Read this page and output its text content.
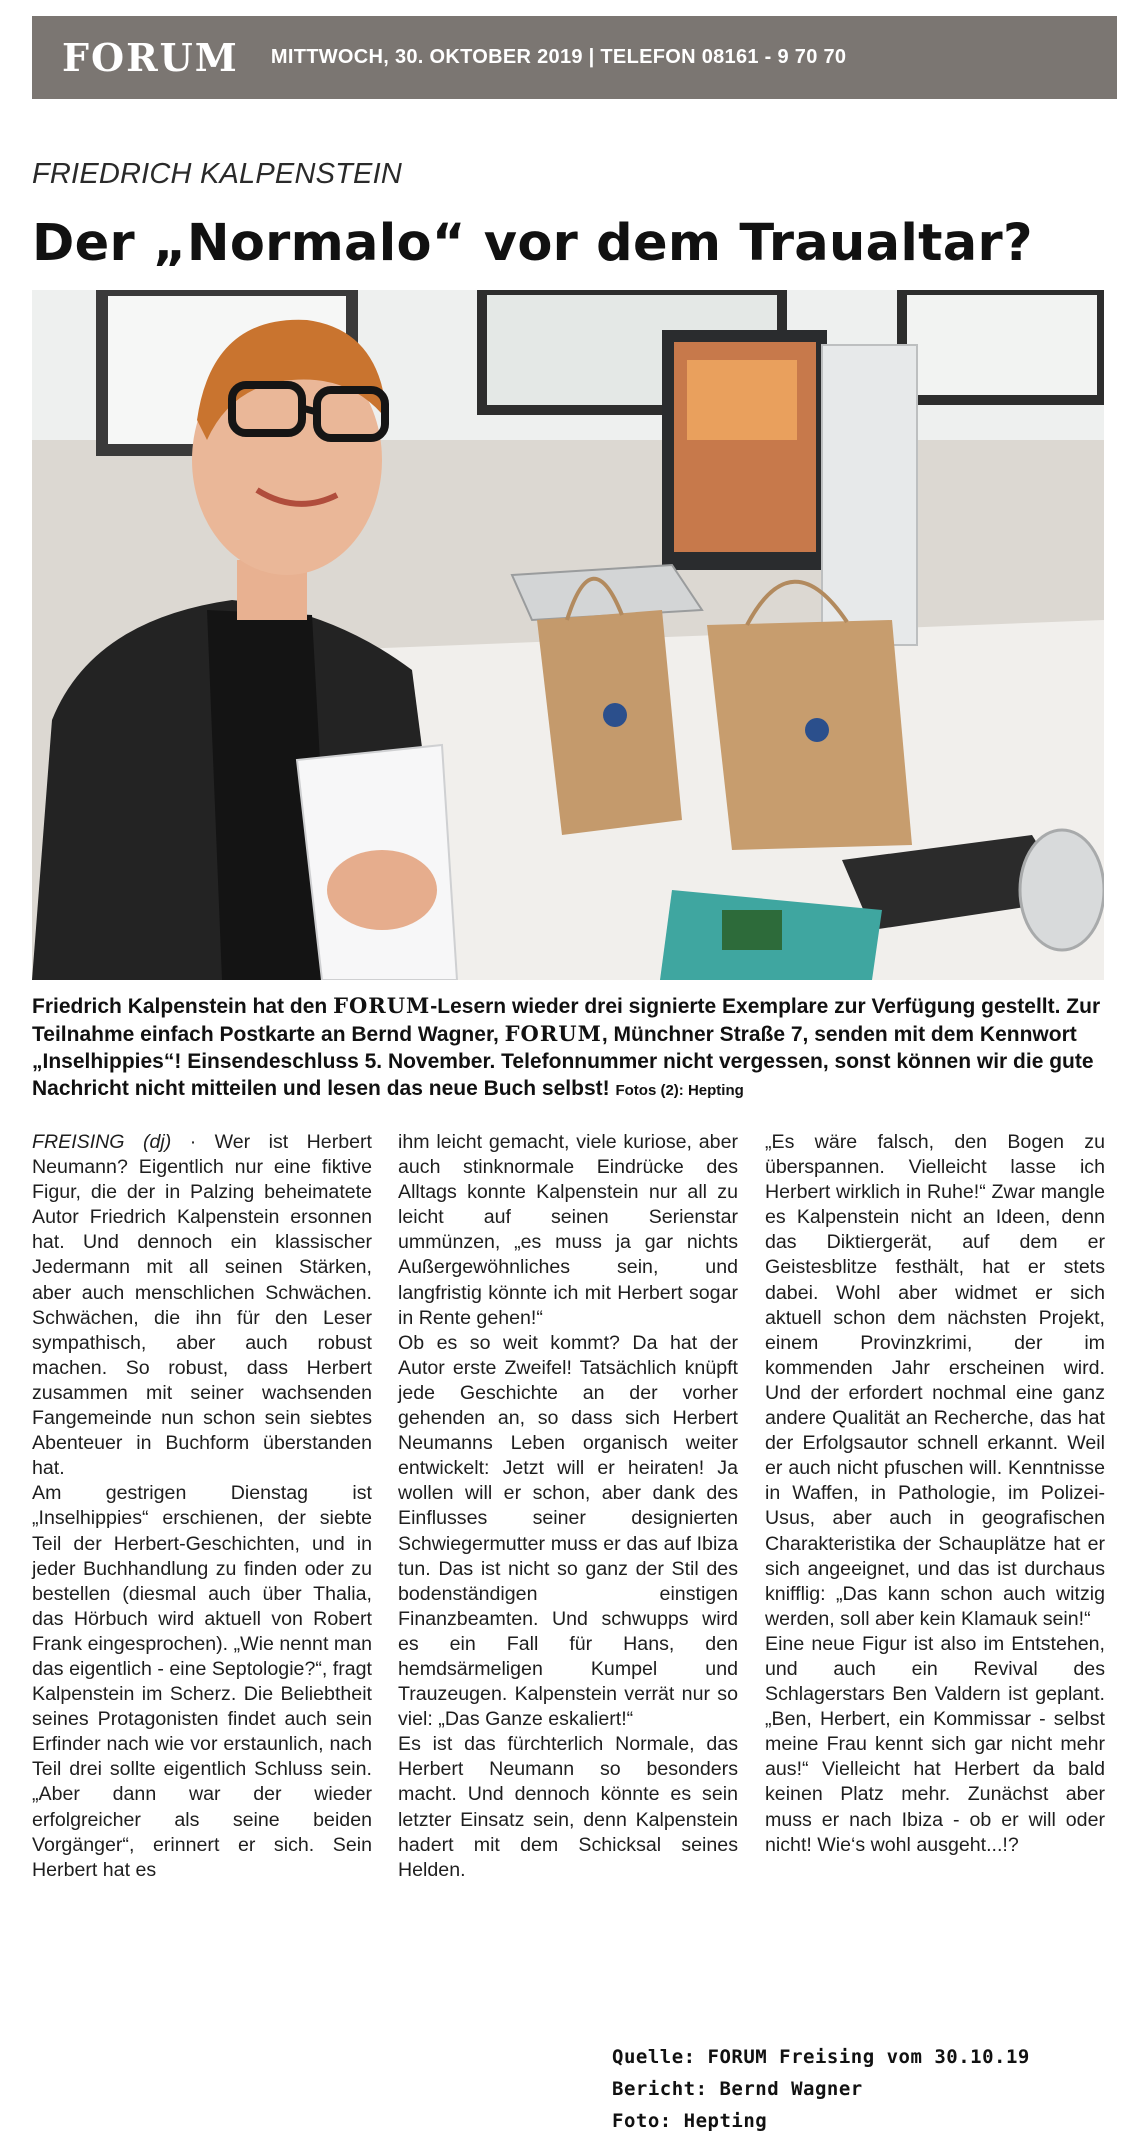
FORUM MITTWOCH, 30. OKTOBER 2019 | TELEFON 08161 - 9 70 70
FRIEDRICH KALPENSTEIN
Der „Normalo“ vor dem Traualtar?
Friedrich Kalpenstein hat den FORUM-Lesern wieder drei signierte Exemplare zur Verfügung gestellt. Zur Teilnahme einfach Postkarte an Bernd Wagner, FORUM, Münchner Straße 7, senden mit dem Kennwort „Inselhippies“! Einsendeschluss 5. November. Telefonnummer nicht vergessen, sonst können wir die gute Nachricht nicht mitteilen und lesen das neue Buch selbst! Fotos (2): Hepting

FREISING (dj) · Wer ist Herbert Neumann? Eigentlich nur eine fiktive Figur, die der in Palzing beheimatete Autor Friedrich Kalpenstein ersonnen hat. Und dennoch ein klassischer Jedermann mit all seinen Stärken, aber auch menschlichen Schwächen. Schwächen, die ihn für den Leser sympathisch, aber auch robust machen. So robust, dass Herbert zusammen mit seiner wachsenden Fangemeinde nun schon sein siebtes Abenteuer in Buchform überstanden hat.

Am gestrigen Dienstag ist „Inselhippies“ erschienen, der siebte Teil der Herbert-Geschichten, und in jeder Buchhandlung zu finden oder zu bestellen (diesmal auch über Thalia, das Hörbuch wird aktuell von Robert Frank eingesprochen). „Wie nennt man das eigentlich - eine Septologie?“, fragt Kalpenstein im Scherz. Die Beliebtheit seines Protagonisten findet auch sein Erfinder nach wie vor erstaunlich, nach Teil drei sollte eigentlich Schluss sein. „Aber dann war der wieder erfolgreicher als seine beiden Vorgänger“, erinnert er sich. Sein Herbert hat es

ihm leicht gemacht, viele kuriose, aber auch stinknormale Eindrücke des Alltags konnte Kalpenstein nur all zu leicht auf seinen Serienstar ummünzen, „es muss ja gar nichts Außergewöhnliches sein, und langfristig könnte ich mit Herbert sogar in Rente gehen!“

Ob es so weit kommt? Da hat der Autor erste Zweifel! Tatsächlich knüpft jede Geschichte an der vorher gehenden an, so dass sich Herbert Neumanns Leben organisch weiter entwickelt: Jetzt will er heiraten! Ja wollen will er schon, aber dank des Einflusses seiner designierten Schwiegermutter muss er das auf Ibiza tun. Das ist nicht so ganz der Stil des bodenständigen einstigen Finanzbeamten. Und schwupps wird es ein Fall für Hans, den hemdsärmeligen Kumpel und Trauzeugen. Kalpenstein verrät nur so viel: „Das Ganze eskaliert!“

Es ist das fürchterlich Normale, das Herbert Neumann so besonders macht. Und dennoch könnte es sein letzter Einsatz sein, denn Kalpenstein hadert mit dem Schicksal seines Helden.

„Es wäre falsch, den Bogen zu überspannen. Vielleicht lasse ich Herbert wirklich in Ruhe!“ Zwar mangle es Kalpenstein nicht an Ideen, denn das Diktiergerät, auf dem er Geistesblitze festhält, hat er stets dabei. Wohl aber widmet er sich aktuell schon dem nächsten Projekt, einem Provinzkrimi, der im kommenden Jahr erscheinen wird. Und der erfordert nochmal eine ganz andere Qualität an Recherche, das hat der Erfolgsautor schnell erkannt. Weil er auch nicht pfuschen will. Kenntnisse in Waffen, in Pathologie, im Polizei-Usus, aber auch in geografischen Charakteristika der Schauplätze hat er sich angeeignet, und das ist durchaus knifflig: „Das kann schon auch witzig werden, soll aber kein Klamauk sein!“

Eine neue Figur ist also im Entstehen, und auch ein Revival des Schlagerstars Ben Valdern ist geplant. „Ben, Herbert, ein Kommissar - selbst meine Frau kennt sich gar nicht mehr aus!“ Vielleicht hat Herbert da bald keinen Platz mehr. Zunächst aber muss er nach Ibiza - ob er will oder nicht! Wie‘s wohl ausgeht...!?

Quelle: FORUM Freising vom 30.10.19
Bericht: Bernd Wagner
Foto: Hepting
